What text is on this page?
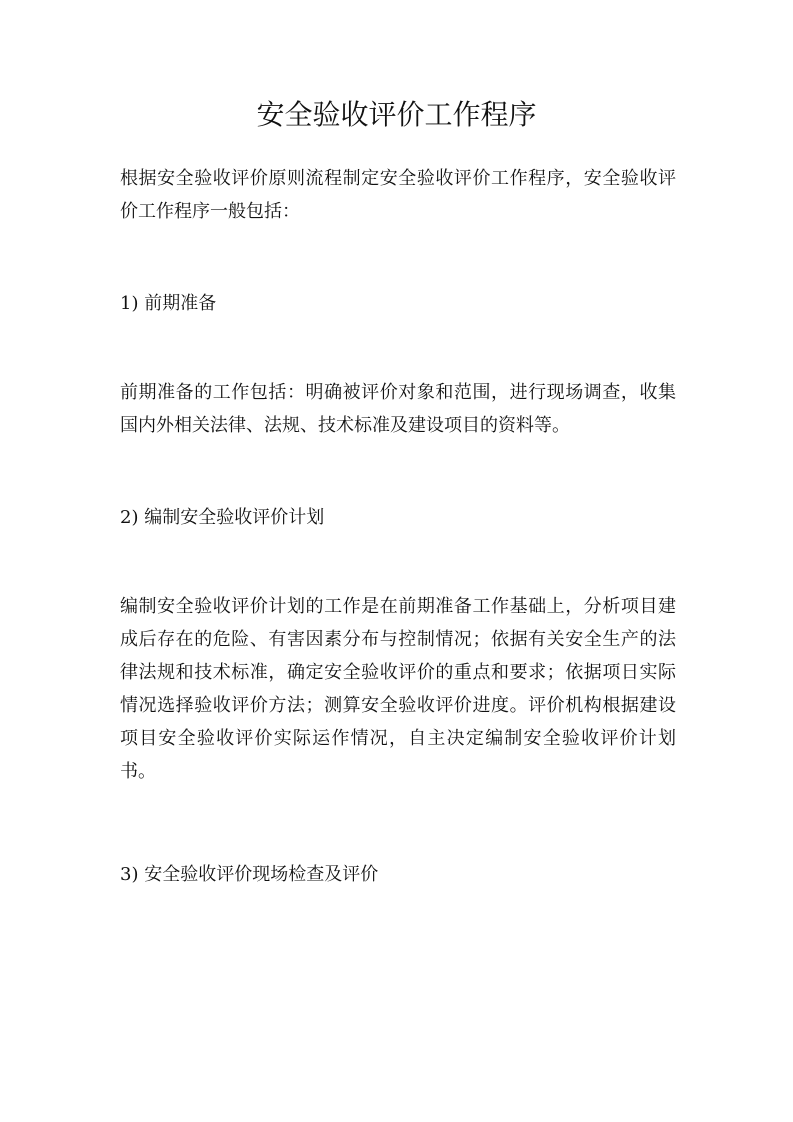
安全验收评价工作程序

根据安全验收评价原则流程制定安全验收评价工作程序，安全验收评价工作程序一般包括：

1) 前期准备

前期准备的工作包括：明确被评价对象和范围，进行现场调查，收集国内外相关法律、法规、技术标准及建设项目的资料等。

2) 编制安全验收评价计划

编制安全验收评价计划的工作是在前期准备工作基础上，分析项目建成后存在的危险、有害因素分布与控制情况；依据有关安全生产的法律法规和技术标准，确定安全验收评价的重点和要求；依据项日实际情况选择验收评价方法；测算安全验收评价进度。评价机构根据建设项目安全验收评价实际运作情况，自主决定编制安全验收评价计划书。

3) 安全验收评价现场检查及评价
